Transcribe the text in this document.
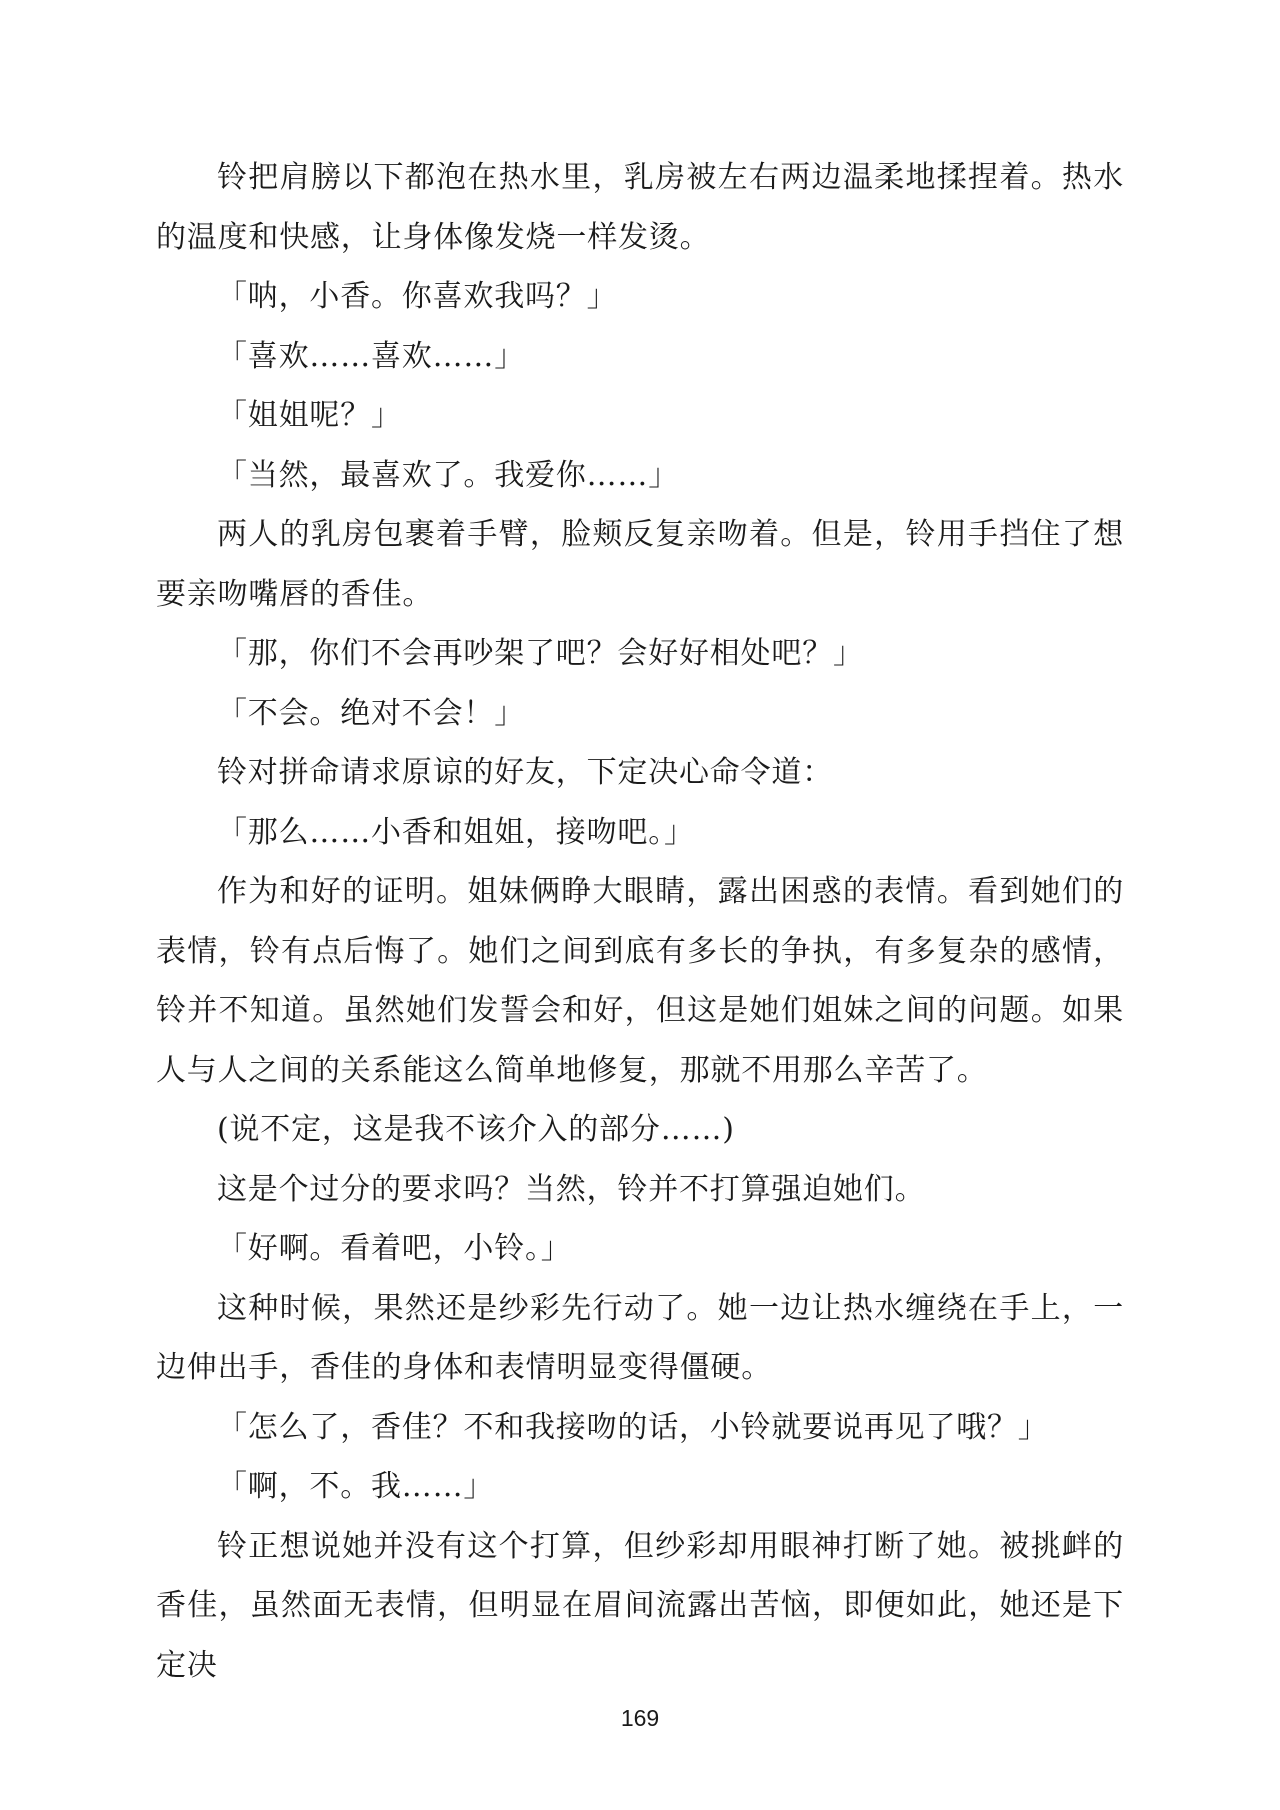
铃把肩膀以下都泡在热水里，乳房被左右两边温柔地揉捏着。热水的温度和快感，让身体像发烧一样发烫。

「呐，小香。你喜欢我吗？」

「喜欢……喜欢……」

「姐姐呢？」

「当然，最喜欢了。我爱你……」

两人的乳房包裹着手臂，脸颊反复亲吻着。但是，铃用手挡住了想要亲吻嘴唇的香佳。

「那，你们不会再吵架了吧？会好好相处吧？」

「不会。绝对不会！」

铃对拼命请求原谅的好友，下定决心命令道：

「那么……小香和姐姐，接吻吧。」

作为和好的证明。姐妹俩睁大眼睛，露出困惑的表情。看到她们的表情，铃有点后悔了。她们之间到底有多长的争执，有多复杂的感情，铃并不知道。虽然她们发誓会和好，但这是她们姐妹之间的问题。如果人与人之间的关系能这么简单地修复，那就不用那么辛苦了。

(说不定，这是我不该介入的部分……)

这是个过分的要求吗？当然，铃并不打算强迫她们。

「好啊。看着吧，小铃。」

这种时候，果然还是纱彩先行动了。她一边让热水缠绕在手上，一边伸出手，香佳的身体和表情明显变得僵硬。

「怎么了，香佳？不和我接吻的话，小铃就要说再见了哦？」

「啊，不。我……」

铃正想说她并没有这个打算，但纱彩却用眼神打断了她。被挑衅的香佳，虽然面无表情，但明显在眉间流露出苦恼，即便如此，她还是下定决

169
